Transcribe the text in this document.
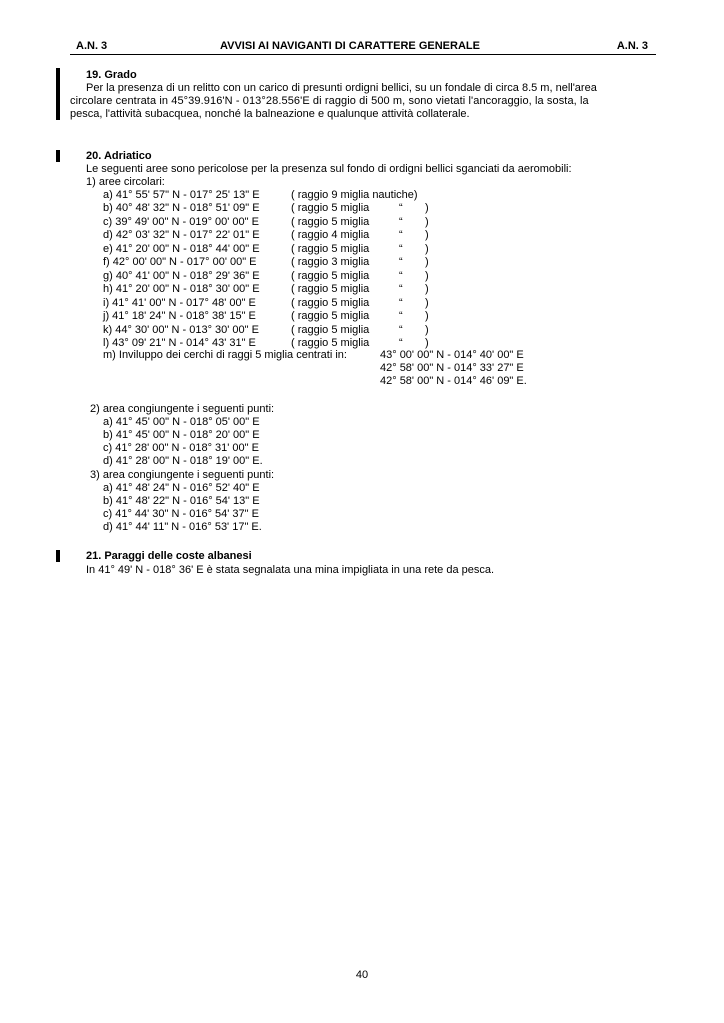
A.N. 3	AVVISI AI NAVIGANTI DI CARATTERE GENERALE	A.N. 3
19. Grado
Per la presenza di un relitto con un carico di presunti ordigni bellici, su un fondale di circa 8.5 m, nell'area
circolare centrata in 45°39.916'N - 013°28.556'E di raggio di 500 m, sono vietati l'ancoraggio, la sosta, la
pesca, l'attività subacquea, nonché la balneazione e qualunque attività collaterale.
20. Adriatico
Le seguenti aree sono pericolose per la presenza sul fondo di ordigni bellici sganciati da aeromobili:
1) aree circolari:
a) 41° 55' 57" N - 017° 25' 13" E	( raggio 9 miglia nautiche)
b) 40° 48' 32" N - 018° 51' 09" E	( raggio 5 miglia	“ )
c) 39° 49' 00" N - 019° 00' 00" E	( raggio 5 miglia	“ )
d) 42° 03' 32" N - 017° 22' 01" E	( raggio 4 miglia	“ )
e) 41° 20' 00" N - 018° 44' 00" E	( raggio 5 miglia	“ )
f) 42° 00' 00" N - 017° 00' 00" E	( raggio 3 miglia	“ )
g) 40° 41' 00" N - 018° 29' 36" E	( raggio 5 miglia	“ )
h) 41° 20' 00" N - 018° 30' 00" E	( raggio 5 miglia	“ )
i) 41° 41' 00" N - 017° 48' 00" E	( raggio 5 miglia	“ )
j) 41° 18' 24" N - 018° 38' 15" E	( raggio 5 miglia	“ )
k) 44° 30' 00" N - 013° 30' 00" E	( raggio 5 miglia	“ )
l) 43° 09' 21" N - 014° 43' 31" E	( raggio 5 miglia	“ )
m) Inviluppo dei cerchi di raggi 5 miglia centrati in:	43° 00' 00" N - 014° 40' 00" E
42° 58' 00" N - 014° 33' 27" E
42° 58' 00" N - 014° 46' 09" E.
2) area congiungente i seguenti punti:
a) 41° 45' 00" N - 018° 05' 00" E
b) 41° 45' 00" N - 018° 20' 00" E
c) 41° 28' 00" N - 018° 31' 00" E
d) 41° 28' 00" N - 018° 19' 00" E.
3) area congiungente i seguenti punti:
a) 41° 48' 24" N - 016° 52' 40" E
b) 41° 48' 22" N - 016° 54' 13" E
c) 41° 44' 30" N - 016° 54' 37" E
d) 41° 44' 11" N - 016° 53' 17" E.
21. Paraggi delle coste albanesi
In 41° 49' N - 018° 36' E è stata segnalata una mina impigliata in una rete da pesca.
40
